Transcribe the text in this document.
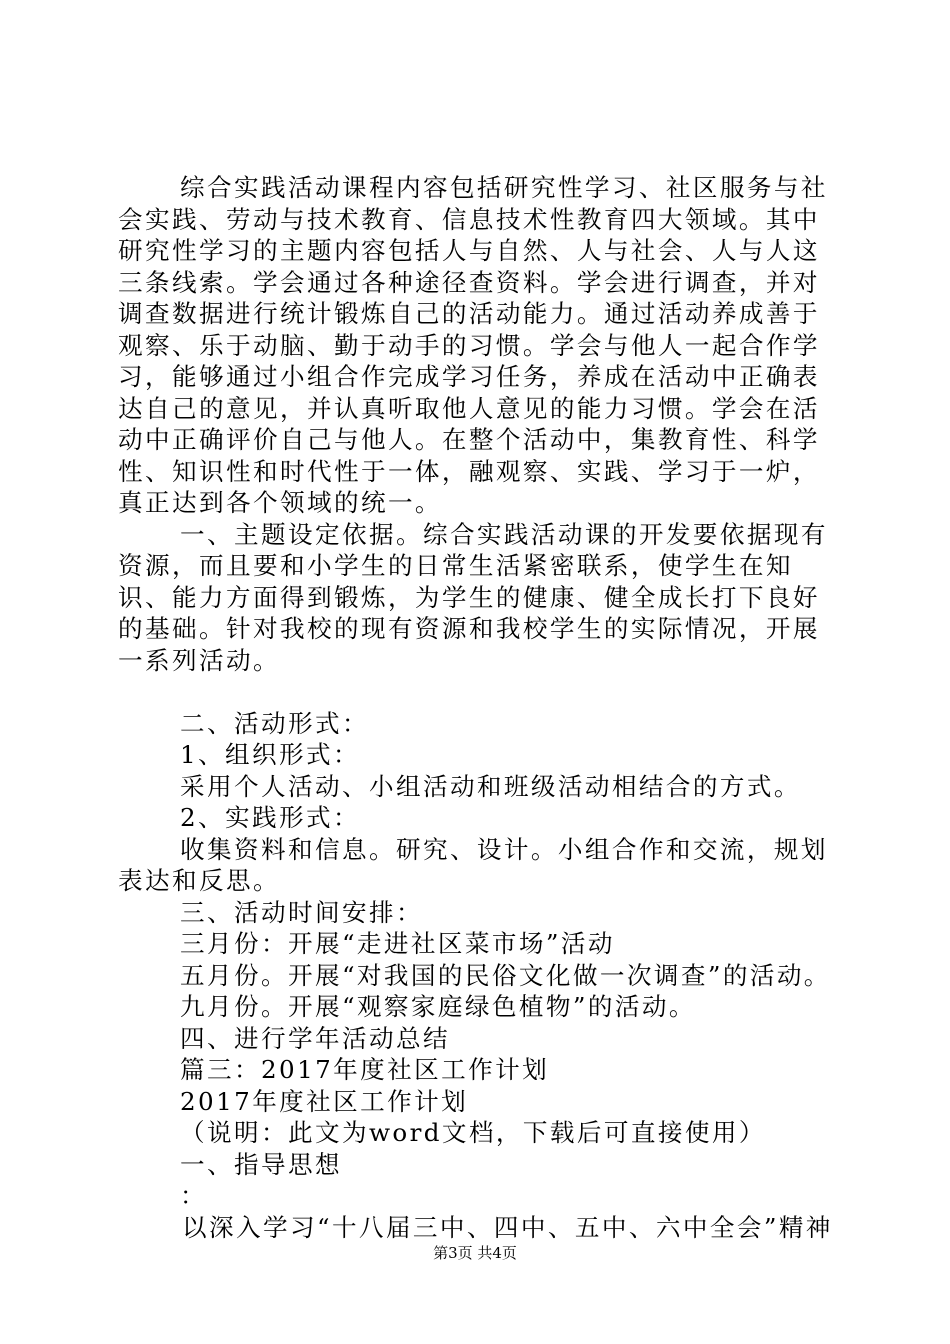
综合实践活动课程内容包括研究性学习、社区服务与社会实践、劳动与技术教育、信息技术性教育四大领域。其中研究性学习的主题内容包括人与自然、人与社会、人与人这三条线索。学会通过各种途径查资料。学会进行调查，并对调查数据进行统计锻炼自己的活动能力。通过活动养成善于观察、乐于动脑、勤于动手的习惯。学会与他人一起合作学习，能够通过小组合作完成学习任务，养成在活动中正确表达自己的意见，并认真听取他人意见的能力习惯。学会在活动中正确评价自己与他人。在整个活动中，集教育性、科学性、知识性和时代性于一体，融观察、实践、学习于一炉，真正达到各个领域的统一。

一、主题设定依据。综合实践活动课的开发要依据现有资源，而且要和小学生的日常生活紧密联系，使学生在知识、能力方面得到锻炼，为学生的健康、健全成长打下良好的基础。针对我校的现有资源和我校学生的实际情况，开展一系列活动。

二、活动形式：

1、组织形式：

采用个人活动、小组活动和班级活动相结合的方式。

2、实践形式：

收集资料和信息。研究、设计。小组合作和交流，规划表达和反思。

三、活动时间安排：

三月份：开展“走进社区菜市场”活动

五月份。开展“对我国的民俗文化做一次调查”的活动。

九月份。开展“观察家庭绿色植物”的活动。

四、进行学年活动总结

篇三：2017年度社区工作计划

2017年度社区工作计划

（说明：此文为word文档，下载后可直接使用）

一、指导思想

：

以深入学习“十八届三中、四中、五中、六中全会”精神

第3页 共4页
